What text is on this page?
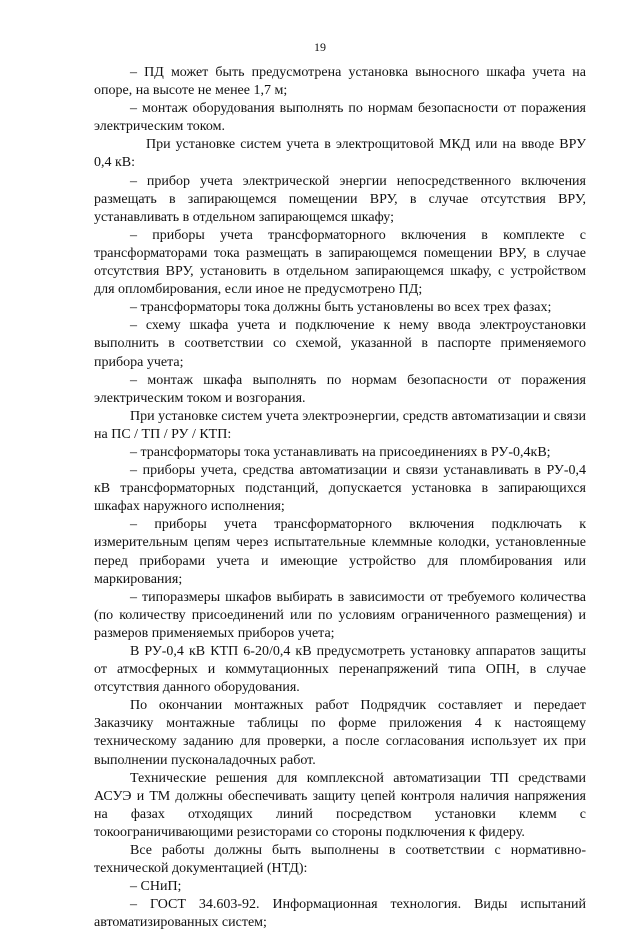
19

– ПД может быть предусмотрена установка выносного шкафа учета на опоре, на высоте не менее 1,7 м;

– монтаж оборудования выполнять по нормам безопасности от поражения электрическим током.

При установке систем учета в электрощитовой МКД или на вводе ВРУ 0,4 кВ:

– прибор учета электрической энергии непосредственного включения размещать в запирающемся помещении ВРУ, в случае отсутствия ВРУ, устанавливать в отдельном запирающемся шкафу;

– приборы учета трансформаторного включения в комплекте с трансформаторами тока размещать в запирающемся помещении ВРУ, в случае отсутствия ВРУ, установить в отдельном запирающемся шкафу, с устройством для опломбирования, если иное не предусмотрено ПД;

– трансформаторы тока должны быть установлены во всех трех фазах;

– схему шкафа учета и подключение к нему ввода электроустановки выполнить в соответствии со схемой, указанной в паспорте применяемого прибора учета;

– монтаж шкафа выполнять по нормам безопасности от поражения электрическим током и возгорания.

При установке систем учета электроэнергии, средств автоматизации и связи на ПС / ТП / РУ / КТП:

– трансформаторы тока устанавливать на присоединениях в РУ-0,4кВ;

– приборы учета, средства автоматизации и связи устанавливать в РУ-0,4 кВ трансформаторных подстанций, допускается установка в запирающихся шкафах наружного исполнения;

– приборы учета трансформаторного включения подключать к измерительным цепям через испытательные клеммные колодки, установленные перед приборами учета и имеющие устройство для пломбирования или маркирования;

– типоразмеры шкафов выбирать в зависимости от требуемого количества (по количеству присоединений или по условиям ограниченного размещения) и размеров применяемых приборов учета;

В РУ-0,4 кВ КТП 6-20/0,4 кВ предусмотреть установку аппаратов защиты от атмосферных и коммутационных перенапряжений типа ОПН, в случае отсутствия данного оборудования.

По окончании монтажных работ Подрядчик составляет и передает Заказчику монтажные таблицы по форме приложения 4 к настоящему техническому заданию для проверки, а после согласования использует их при выполнении пусконаладочных работ.

Технические решения для комплексной автоматизации ТП средствами АСУЭ и ТМ должны обеспечивать защиту цепей контроля наличия напряжения на фазах отходящих линий посредством установки клемм с токоограничивающими резисторами со стороны подключения к фидеру.

Все работы должны быть выполнены в соответствии с нормативно-технической документацией (НТД):

– СНиП;

– ГОСТ 34.603-92. Информационная технология. Виды испытаний автоматизированных систем;
